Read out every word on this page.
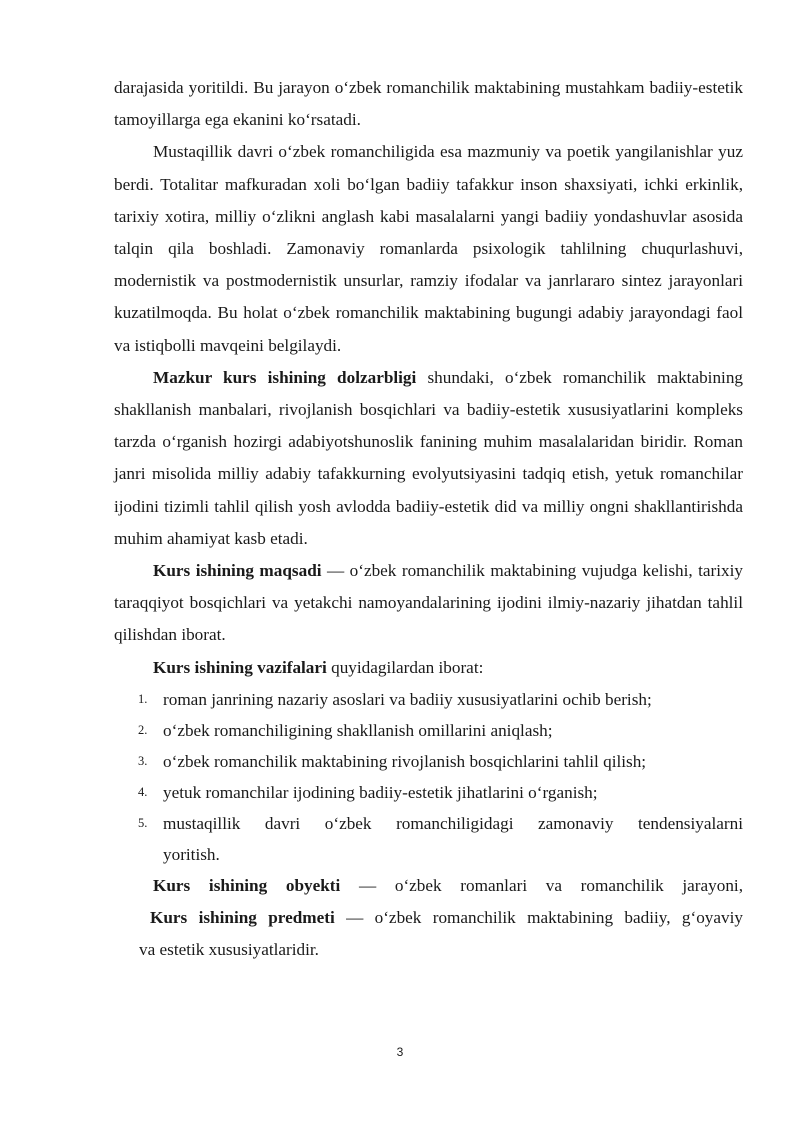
darajasida yoritildi. Bu jarayon oʻzbek romanchilik maktabining mustahkam badiiy-estetik tamoyillarga ega ekanini koʻrsatadi.

Mustaqillik davri oʻzbek romanchiligida esa mazmuniy va poetik yangilanishlar yuz berdi. Totalitar mafkuradan xoli boʻlgan badiiy tafakkur inson shaxsiyati, ichki erkinlik, tarixiy xotira, milliy oʻzlikni anglash kabi masalalarni yangi badiiy yondashuvlar asosida talqin qila boshladi. Zamonaviy romanlarda psixologik tahlilning chuqurlashuvi, modernistik va postmodernistik unsurlar, ramziy ifodalar va janrlararo sintez jarayonlari kuzatilmoqda. Bu holat oʻzbek romanchilik maktabining bugungi adabiy jarayondagi faol va istiqbolli mavqeini belgilaydi.

Mazkur kurs ishining dolzarbligi shundaki, oʻzbek romanchilik maktabining shakllanish manbalari, rivojlanish bosqichlari va badiiy-estetik xususiyatlarini kompleks tarzda oʻrganish hozirgi adabiyotshunoslik fanining muhim masalalaridan biridir. Roman janri misolida milliy adabiy tafakkurning evolyutsiyasini tadqiq etish, yetuk romanchilar ijodini tizimli tahlil qilish yosh avlodda badiiy-estetik did va milliy ongni shakllantirishda muhim ahamiyat kasb etadi.

Kurs ishining maqsadi — oʻzbek romanchilik maktabining vujudga kelishi, tarixiy taraqqiyot bosqichlari va yetakchi namoyandalarining ijodini ilmiy-nazariy jihatdan tahlil qilishdan iborat.

Kurs ishining vazifalari quyidagilardan iborat:

1. roman janrining nazariy asoslari va badiiy xususiyatlarini ochib berish;
2. oʻzbek romanchiligining shakllanish omillarini aniqlash;
3. oʻzbek romanchilik maktabining rivojlanish bosqichlarini tahlil qilish;
4. yetuk romanchilar ijodining badiiy-estetik jihatlarini oʻrganish;
5. mustaqillik davri oʻzbek romanchiligidagi zamonaviy tendensiyalarni
yoritish.

Kurs ishining obyekti — oʻzbek romanlari va romanchilik jarayoni,

Kurs ishining predmeti — oʻzbek romanchilik maktabining badiiy, gʻoyaviy

va estetik xususiyatlaridir.

3
